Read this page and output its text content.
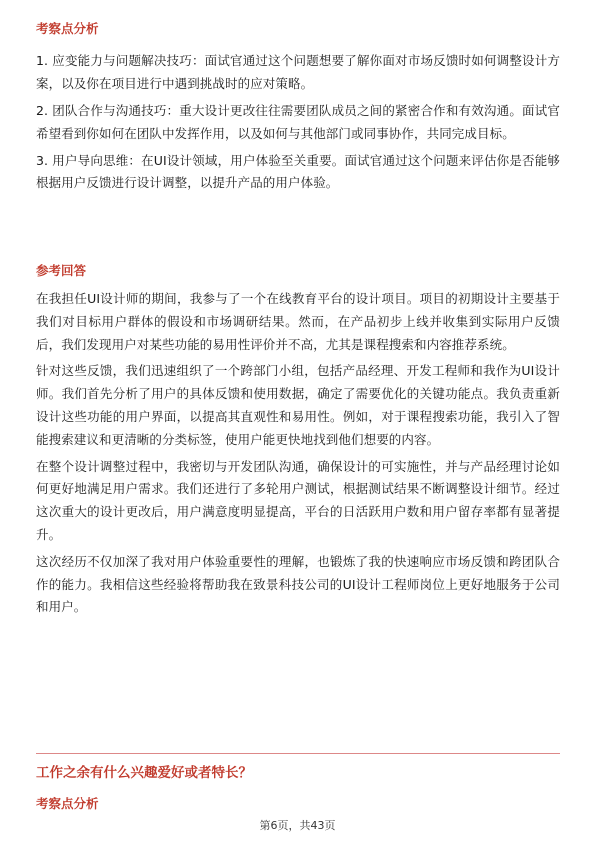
考察点分析

1. 应变能力与问题解决技巧：面试官通过这个问题想要了解你面对市场反馈时如何调整设计方案，以及你在项目进行中遇到挑战时的应对策略。

2. 团队合作与沟通技巧：重大设计更改往往需要团队成员之间的紧密合作和有效沟通。面试官希望看到你如何在团队中发挥作用，以及如何与其他部门或同事协作，共同完成目标。

3. 用户导向思维：在UI设计领域，用户体验至关重要。面试官通过这个问题来评估你是否能够根据用户反馈进行设计调整，以提升产品的用户体验。

参考回答

在我担任UI设计师的期间，我参与了一个在线教育平台的设计项目。项目的初期设计主要基于我们对目标用户群体的假设和市场调研结果。然而，在产品初步上线并收集到实际用户反馈后，我们发现用户对某些功能的易用性评价并不高，尤其是课程搜索和内容推荐系统。

针对这些反馈，我们迅速组织了一个跨部门小组，包括产品经理、开发工程师和我作为UI设计师。我们首先分析了用户的具体反馈和使用数据，确定了需要优化的关键功能点。我负责重新设计这些功能的用户界面，以提高其直观性和易用性。例如，对于课程搜索功能，我引入了智能搜索建议和更清晰的分类标签，使用户能更快地找到他们想要的内容。

在整个设计调整过程中，我密切与开发团队沟通，确保设计的可实施性，并与产品经理讨论如何更好地满足用户需求。我们还进行了多轮用户测试，根据测试结果不断调整设计细节。经过这次重大的设计更改后，用户满意度明显提高，平台的日活跃用户数和用户留存率都有显著提升。

这次经历不仅加深了我对用户体验重要性的理解，也锻炼了我的快速响应市场反馈和跨团队合作的能力。我相信这些经验将帮助我在致景科技公司的UI设计工程师岗位上更好地服务于公司和用户。

工作之余有什么兴趣爱好或者特长？
考察点分析
第6页，共43页
